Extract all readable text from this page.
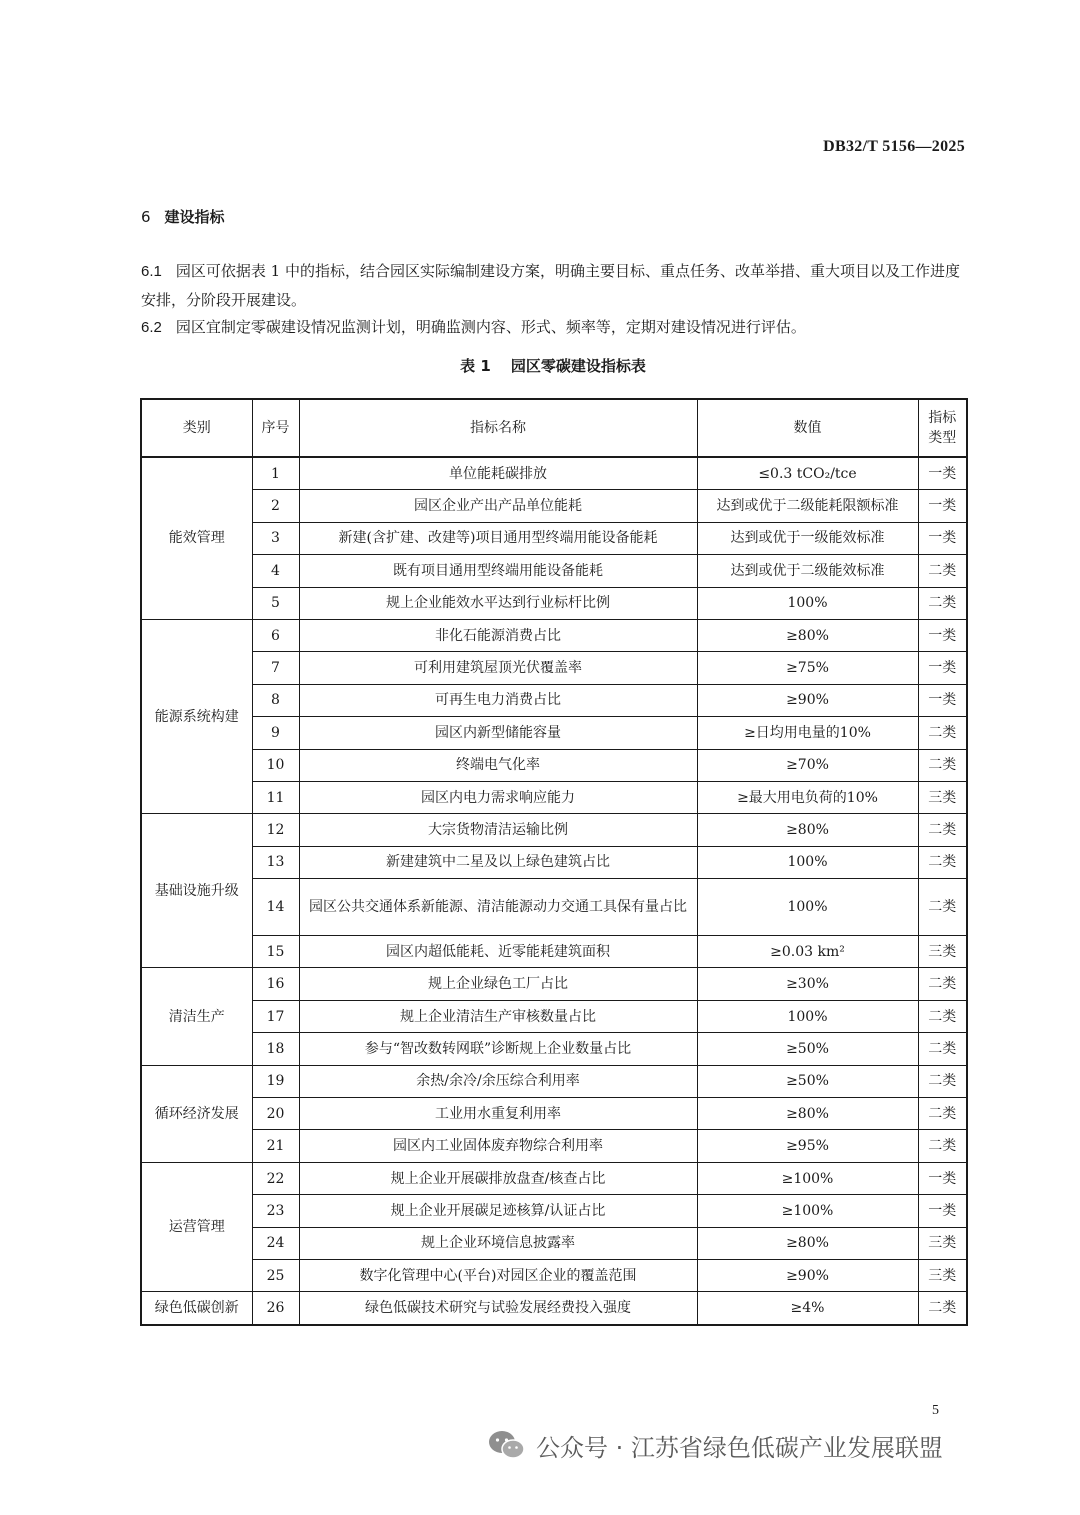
DB32/T 5156—2025
6 建设指标
6.1 园区可依据表 1 中的指标，结合园区实际编制建设方案，明确主要目标、重点任务、改革举措、重大项目以及工作进度安排，分阶段开展建设。
6.2 园区宜制定零碳建设情况监测计划，明确监测内容、形式、频率等，定期对建设情况进行评估。
表 1 园区零碳建设指标表
类别	序号	指标名称	数值	指标类型
能效管理	1	单位能耗碳排放	≤0.3 tCO₂/tce	一类
	2	园区企业产出产品单位能耗	达到或优于二级能耗限额标准	一类
	3	新建(含扩建、改建等)项目通用型终端用能设备能耗	达到或优于一级能效标准	一类
	4	既有项目通用型终端用能设备能耗	达到或优于二级能效标准	二类
	5	规上企业能效水平达到行业标杆比例	100%	二类
能源系统构建	6	非化石能源消费占比	≥80%	一类
	7	可利用建筑屋顶光伏覆盖率	≥75%	一类
	8	可再生电力消费占比	≥90%	一类
	9	园区内新型储能容量	≥日均用电量的10%	二类
	10	终端电气化率	≥70%	二类
	11	园区内电力需求响应能力	≥最大用电负荷的10%	三类
基础设施升级	12	大宗货物清洁运输比例	≥80%	二类
	13	新建建筑中二星及以上绿色建筑占比	100%	二类
	14	园区公共交通体系新能源、清洁能源动力交通工具保有量占比	100%	二类
	15	园区内超低能耗、近零能耗建筑面积	≥0.03 km²	三类
清洁生产	16	规上企业绿色工厂占比	≥30%	二类
	17	规上企业清洁生产审核数量占比	100%	二类
	18	参与“智改数转网联”诊断规上企业数量占比	≥50%	二类
循环经济发展	19	余热/余冷/余压综合利用率	≥50%	二类
	20	工业用水重复利用率	≥80%	二类
	21	园区内工业固体废弃物综合利用率	≥95%	二类
运营管理	22	规上企业开展碳排放盘查/核查占比	≥100%	一类
	23	规上企业开展碳足迹核算/认证占比	≥100%	一类
	24	规上企业环境信息披露率	≥80%	三类
	25	数字化管理中心(平台)对园区企业的覆盖范围	≥90%	三类
绿色低碳创新	26	绿色低碳技术研究与试验发展经费投入强度	≥4%	二类
5
公众号 · 江苏省绿色低碳产业发展联盟
